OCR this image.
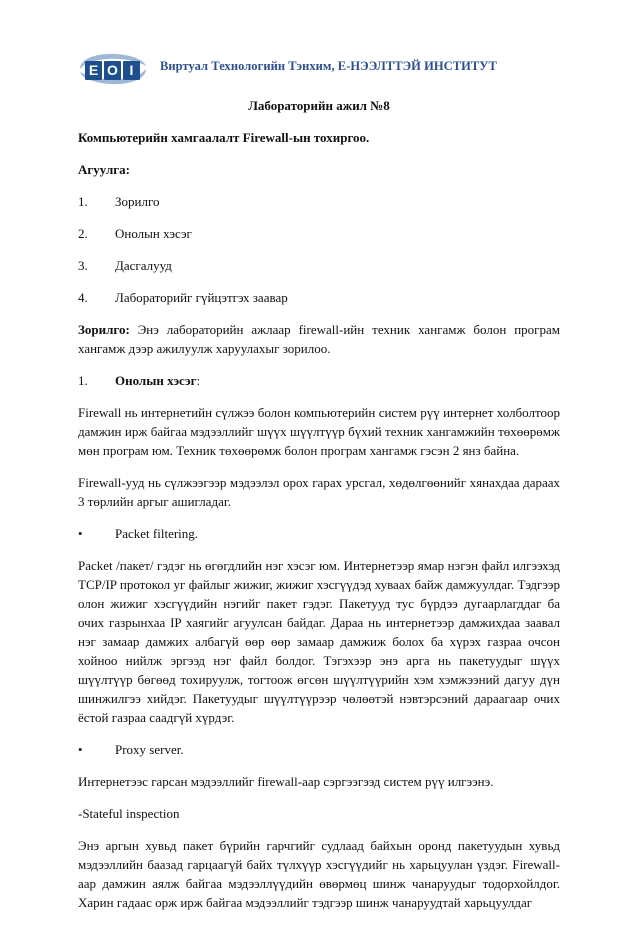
E O I	Виртуал Технологийн Тэнхим, Е-НЭЭЛТТЭЙ ИНСТИТУТ
Лабораторийн ажил №8
Компьютерийн хамгаалалт Firewall-ын тохиргоо.
Агуулга:
1.	Зорилго
2.	Онолын хэсэг
3.	Дасгалууд
4.	Лабораторийг гүйцэтгэх заавар
Зорилго: Энэ лабораторийн ажлаар firewall-ийн техник хангамж болон програм хангамж дээр ажилуулж харуулахыг зорилоо.
1.	Онолын хэсэг:
Firewall нь интернетийн сүлжээ болон компьютерийн систем рүү интернет холболтоор дамжин ирж байгаа мэдээллийг шүүх шүүлтүүр бүхий техник хангамжийн төхөөрөмж мөн програм юм. Техник төхөөрөмж болон програм хангамж гэсэн 2 янз байна.
Firewall-ууд нь сүлжээгээр мэдээлэл орох гарах урсгал, хөдөлгөөнийг хянахдаа дараах 3 төрлийн аргыг ашигладаг.
•	Packet filtering.
Packet /пакет/ гэдэг нь өгөгдлийн нэг хэсэг юм. Интернетээр ямар нэгэн файл илгээхэд TCP/IP протокол уг файлыг жижиг, жижиг хэсгүүдэд хуваах байж дамжуулдаг. Тэдгээр олон жижиг хэсгүүдийн нэгийг пакет гэдэг. Пакетууд тус бүрдээ дугаарлагддаг ба очих газрынхаа IP хаягийг агуулсан байдаг. Дараа нь интернетээр дамжихдаа заавал нэг замаар дамжих албагүй өөр өөр замаар дамжиж болох ба хүрэх газраа очсон хойноо нийлж эргээд нэг файл болдог. Тэгэхээр энэ арга нь пакетуудыг шүүх шүүлтүүр бөгөөд тохируулж, тогтоож өгсөн шүүлтүүрийн хэм хэмжээний дагуу дүн шинжилгээ хийдэг. Пакетуудыг шүүлтүүрээр чөлөөтэй нэвтэрсэний дараагаар очих ёстой газраа саадгүй хүрдэг.
•	Proxy server.
Интернетээс гарсан мэдээллийг firewall-аар сэргээгээд систем рүү илгээнэ.
-Stateful inspection
Энэ аргын хувьд пакет бүрийн гарчгийг судлаад байхын оронд пакетуудын хувьд мэдээллийн баазад гарцаагүй байх түлхүүр хэсгүүдийг нь харьцуулан үздэг. Firewall-аар дамжин аялж байгаа мэдээллүүдийн өвөрмөц шинж чанаруудыг тодорхойлдог. Харин гадаас орж ирж байгаа мэдээллийг тэдгээр шинж чанаруудтай харьцуулдаг
